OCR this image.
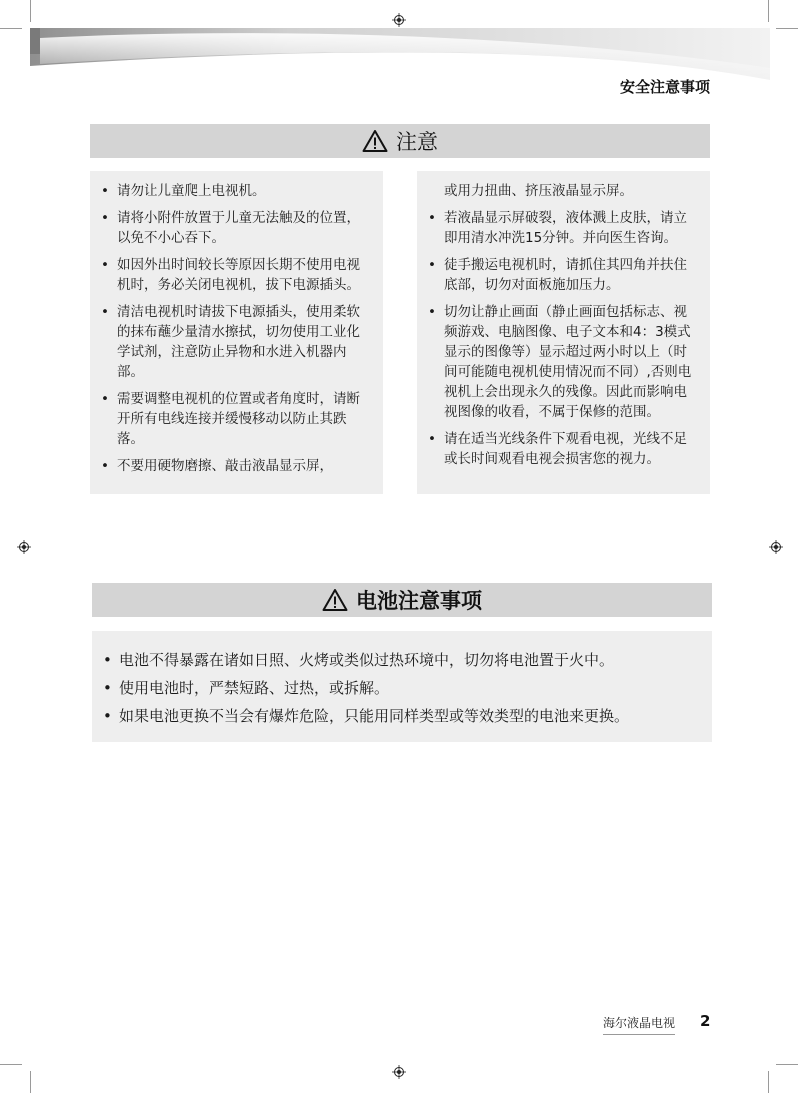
安全注意事项
注意
• 请勿让儿童爬上电视机。
• 请将小附件放置于儿童无法触及的位置，以免不小心吞下。
• 如因外出时间较长等原因长期不使用电视机时，务必关闭电视机，拔下电源插头。
• 清洁电视机时请拔下电源插头，使用柔软的抹布蘸少量清水擦拭，切勿使用工业化学试剂，注意防止异物和水进入机器内部。
• 需要调整电视机的位置或者角度时，请断开所有电线连接并缓慢移动以防止其跌落。
• 不要用硬物磨擦、敲击液晶显示屏，
或用力扭曲、挤压液晶显示屏。
• 若液晶显示屏破裂，液体溅上皮肤，请立即用清水冲洗15分钟。并向医生咨询。
• 徒手搬运电视机时，请抓住其四角并扶住底部，切勿对面板施加压力。
• 切勿让静止画面（静止画面包括标志、视频游戏、电脑图像、电子文本和4：3模式显示的图像等）显示超过两小时以上（时间可能随电视机使用情况而不同）,否则电视机上会出现永久的残像。因此而影响电视图像的收看，不属于保修的范围。
• 请在适当光线条件下观看电视，光线不足或长时间观看电视会损害您的视力。
电池注意事项
• 电池不得暴露在诸如日照、火烤或类似过热环境中，切勿将电池置于火中。
• 使用电池时，严禁短路、过热，或拆解。
• 如果电池更换不当会有爆炸危险，只能用同样类型或等效类型的电池来更换。
海尔液晶电视 2
